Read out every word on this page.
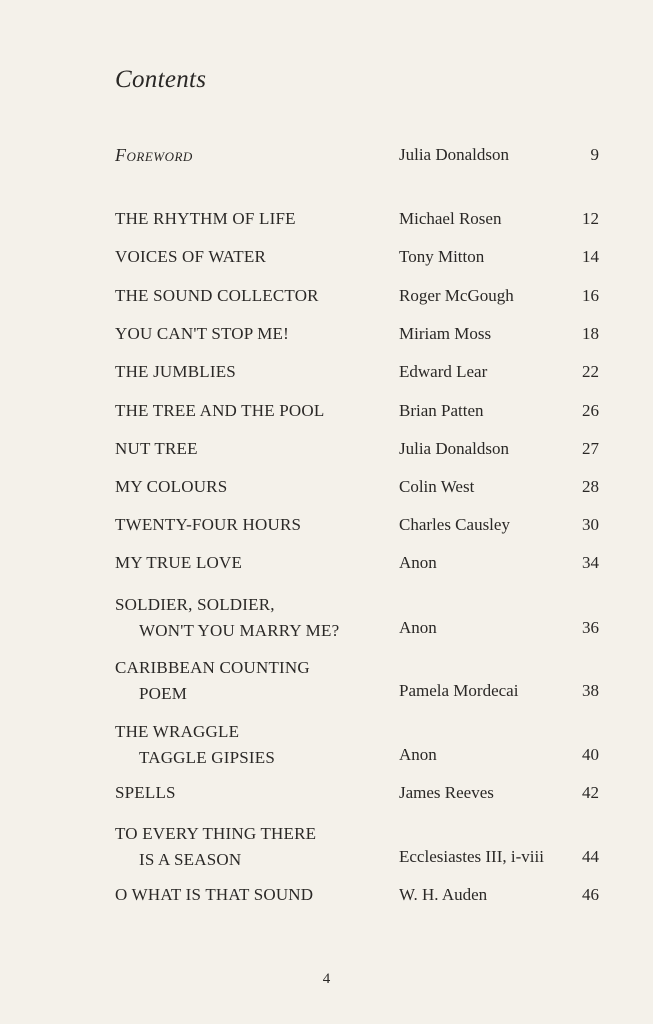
Contents
Foreword	Julia Donaldson	9
THE RHYTHM OF LIFE	Michael Rosen	12
VOICES OF WATER	Tony Mitton	14
THE SOUND COLLECTOR	Roger McGough	16
YOU CAN'T STOP ME!	Miriam Moss	18
THE JUMBLIES	Edward Lear	22
THE TREE AND THE POOL	Brian Patten	26
NUT TREE	Julia Donaldson	27
MY COLOURS	Colin West	28
TWENTY-FOUR HOURS	Charles Causley	30
MY TRUE LOVE	Anon	34
SOLDIER, SOLDIER,
WON'T YOU MARRY ME?	Anon	36
CARIBBEAN COUNTING
POEM	Pamela Mordecai	38
THE WRAGGLE
TAGGLE GIPSIES	Anon	40
SPELLS	James Reeves	42
TO EVERY THING THERE
IS A SEASON	Ecclesiastes III, i-viii 44
O WHAT IS THAT SOUND	W. H. Auden	46
4
